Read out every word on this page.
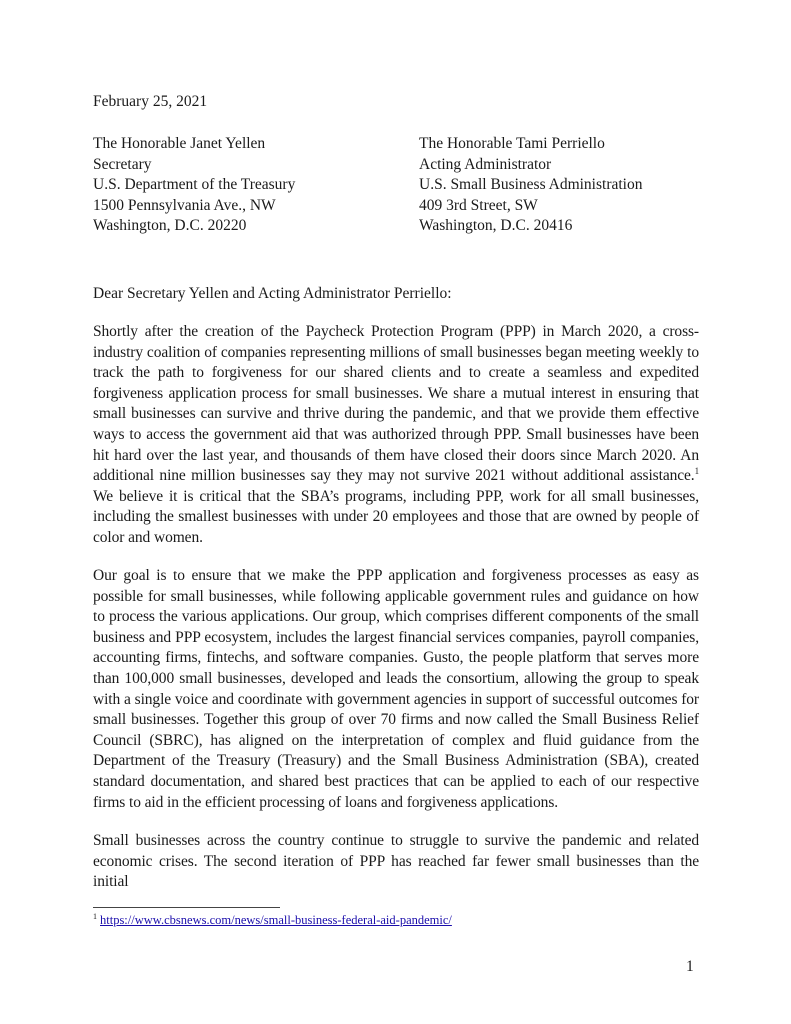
February 25, 2021
The Honorable Janet Yellen
Secretary
U.S. Department of the Treasury
1500 Pennsylvania Ave., NW
Washington, D.C. 20220
The Honorable Tami Perriello
Acting Administrator
U.S. Small Business Administration
409 3rd Street, SW
Washington, D.C. 20416
Dear Secretary Yellen and Acting Administrator Perriello:
Shortly after the creation of the Paycheck Protection Program (PPP) in March 2020, a cross-industry coalition of companies representing millions of small businesses began meeting weekly to track the path to forgiveness for our shared clients and to create a seamless and expedited forgiveness application process for small businesses. We share a mutual interest in ensuring that small businesses can survive and thrive during the pandemic, and that we provide them effective ways to access the government aid that was authorized through PPP. Small businesses have been hit hard over the last year, and thousands of them have closed their doors since March 2020. An additional nine million businesses say they may not survive 2021 without additional assistance.$^1$ We believe it is critical that the SBA’s programs, including PPP, work for all small businesses, including the smallest businesses with under 20 employees and those that are owned by people of color and women.
Our goal is to ensure that we make the PPP application and forgiveness processes as easy as possible for small businesses, while following applicable government rules and guidance on how to process the various applications. Our group, which comprises different components of the small business and PPP ecosystem, includes the largest financial services companies, payroll companies, accounting firms, fintechs, and software companies. Gusto, the people platform that serves more than 100,000 small businesses, developed and leads the consortium, allowing the group to speak with a single voice and coordinate with government agencies in support of successful outcomes for small businesses. Together this group of over 70 firms and now called the Small Business Relief Council (SBRC), has aligned on the interpretation of complex and fluid guidance from the Department of the Treasury (Treasury) and the Small Business Administration (SBA), created standard documentation, and shared best practices that can be applied to each of our respective firms to aid in the efficient processing of loans and forgiveness applications.
Small businesses across the country continue to struggle to survive the pandemic and related economic crises. The second iteration of PPP has reached far fewer small businesses than the initial
$^1$ https://www.cbsnews.com/news/small-business-federal-aid-pandemic/
1
